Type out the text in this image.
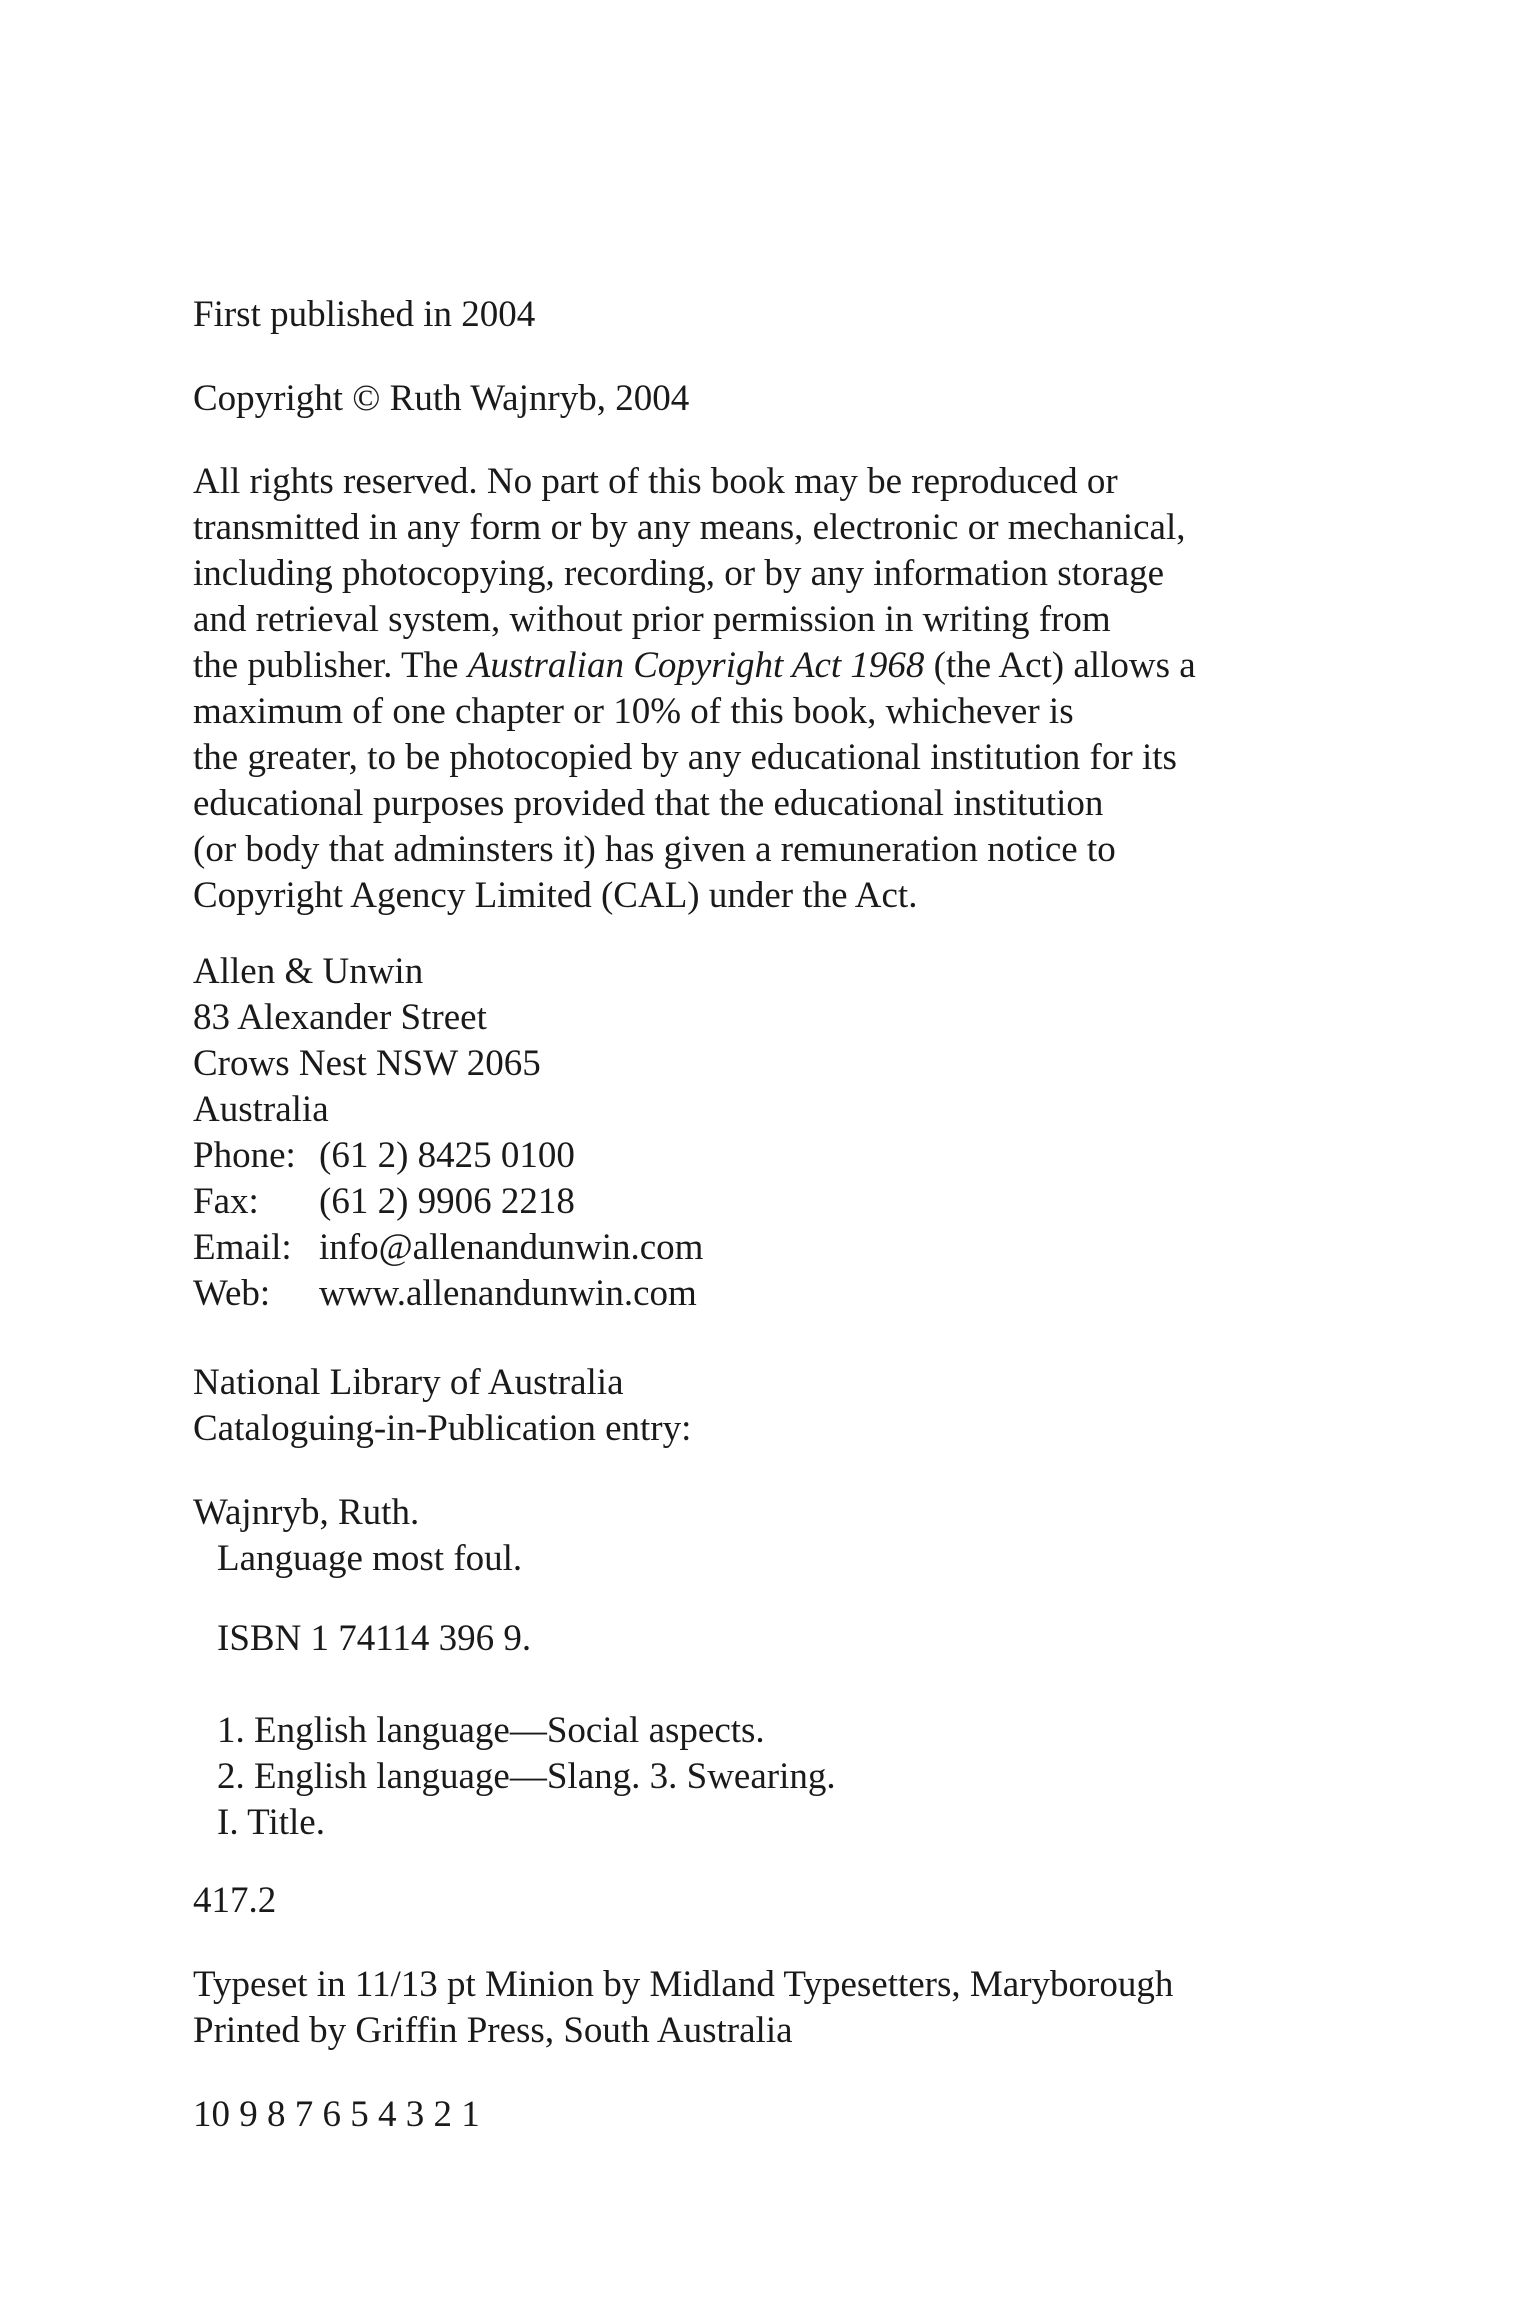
First published in 2004
Copyright © Ruth Wajnryb, 2004
All rights reserved. No part of this book may be reproduced or
transmitted in any form or by any means, electronic or mechanical,
including photocopying, recording, or by any information storage
and retrieval system, without prior permission in writing from
the publisher. The Australian Copyright Act 1968 (the Act) allows a
maximum of one chapter or 10% of this book, whichever is
the greater, to be photocopied by any educational institution for its
educational purposes provided that the educational institution
(or body that adminsters it) has given a remuneration notice to
Copyright Agency Limited (CAL) under the Act.
Allen & Unwin
83 Alexander Street
Crows Nest NSW 2065
Australia
Phone: (61 2) 8425 0100
Fax: (61 2) 9906 2218
Email: info@allenandunwin.com
Web: www.allenandunwin.com
National Library of Australia
Cataloguing-in-Publication entry:
Wajnryb, Ruth.
Language most foul.
ISBN 1 74114 396 9.
1. English language—Social aspects.
2. English language—Slang. 3. Swearing.
I. Title.
417.2
Typeset in 11/13 pt Minion by Midland Typesetters, Maryborough
Printed by Griffin Press, South Australia
10 9 8 7 6 5 4 3 2 1
